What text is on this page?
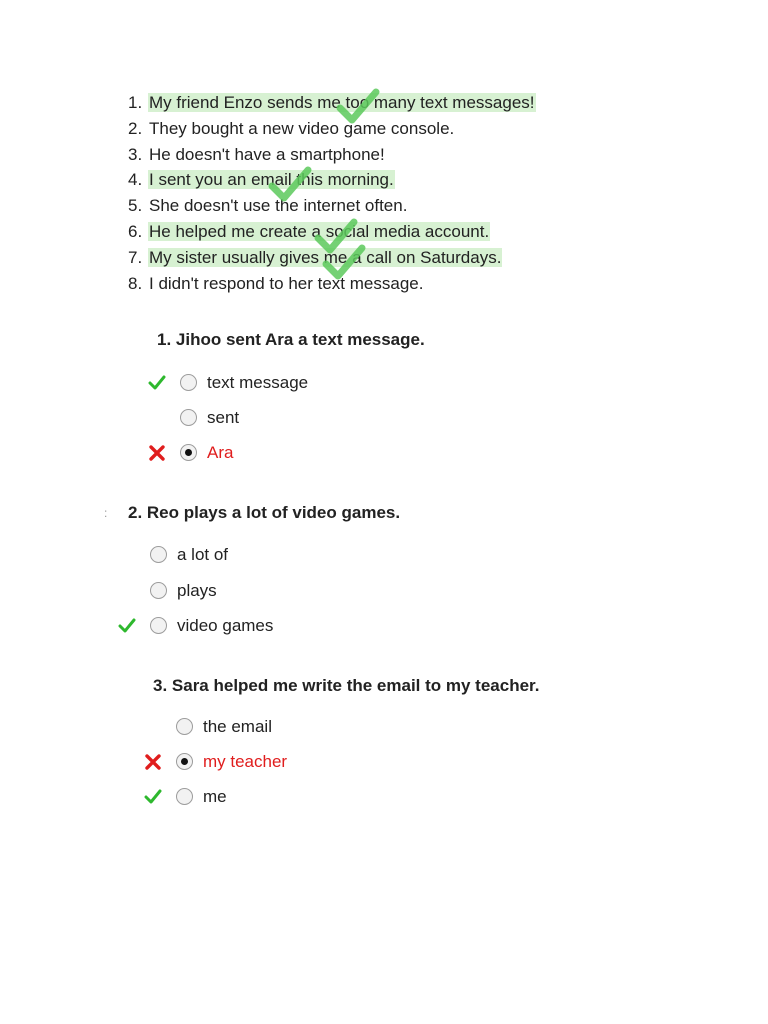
1. My friend Enzo sends me too many text messages!
2. They bought a new video game console.
3. He doesn't have a smartphone!
4. I sent you an email this morning.
5. She doesn't use the internet often.
6. He helped me create a social media account.
7. My sister usually gives me a call on Saturdays.
8. I didn't respond to her text message.
1. Jihoo sent Ara a text message.
text message
sent
Ara
: 2. Reo plays a lot of video games.
a lot of
plays
video games
3. Sara helped me write the email to my teacher.
the email
my teacher
me
